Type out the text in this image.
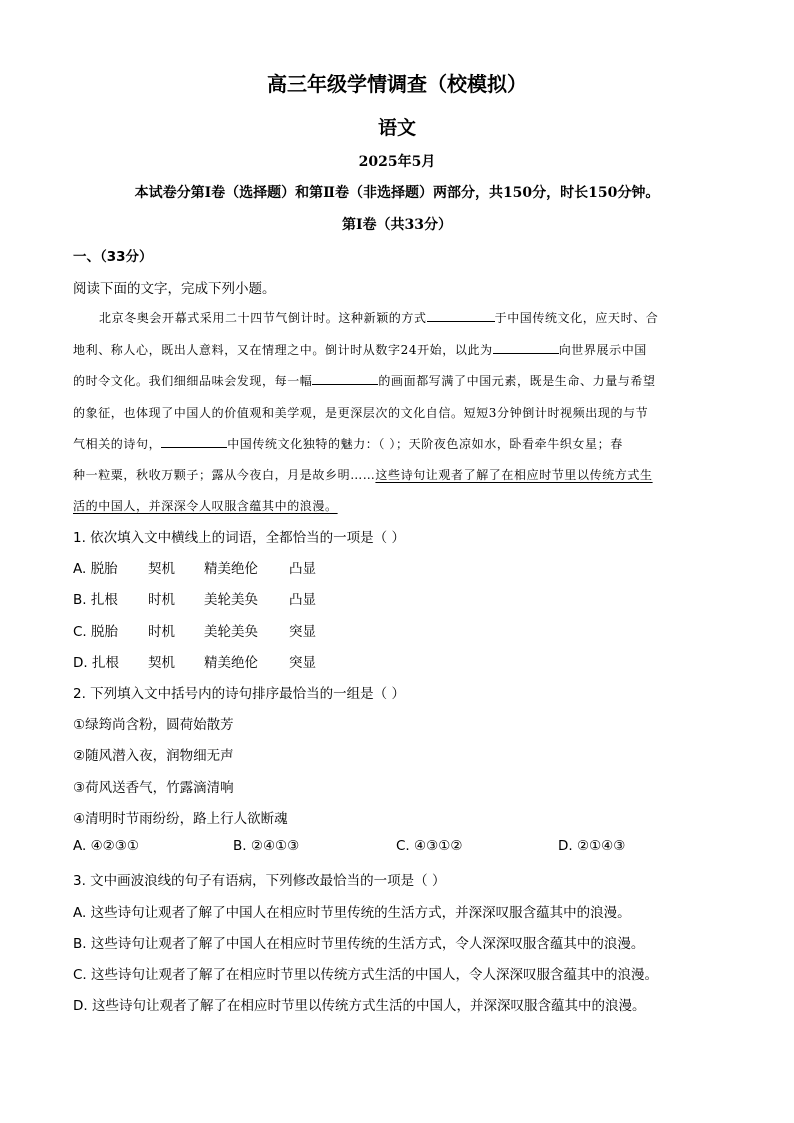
高三年级学情调查（校模拟）
语文
2025年5月
本试卷分第Ⅰ卷（选择题）和第Ⅱ卷（非选择题）两部分，共150分，时长150分钟。
第Ⅰ卷（共33分）
一、（33分）
阅读下面的文字，完成下列小题。
北京冬奥会开幕式采用二十四节气倒计时。这种新颖的方式	于中国传统文化，应天时、合
地利、称人心，既出人意料，又在情理之中。倒计时从数字24开始，以此为	向世界展示中国
的时令文化。我们细细品味会发现，每一幅	的画面都写满了中国元素，既是生命、力量与希望
的象征，也体现了中国人的价值观和美学观，是更深层次的文化自信。短短3分钟倒计时视频出现的与节
气相关的诗句，	中国传统文化独特的魅力：（ ）；天阶夜色凉如水，卧看牵牛织女星；春
种一粒粟，秋收万颗子；露从今夜白，月是故乡明……这些诗句让观者了解了在相应时节里以传统方式生
活的中国人，并深深令人叹服含蕴其中的浪漫。
1. 依次填入文中横线上的词语，全都恰当的一项是（ ）
A. 脱胎 契机 精美绝伦 凸显
B. 扎根 时机 美轮美奂 凸显
C. 脱胎 时机 美轮美奂 突显
D. 扎根 契机 精美绝伦 突显
2. 下列填入文中括号内的诗句排序最恰当的一组是（ ）
①绿筠尚含粉，圆荷始散芳
②随风潜入夜，润物细无声
③荷风送香气，竹露滴清响
④清明时节雨纷纷，路上行人欲断魂
A. ④②③①	B. ②④①③	C. ④③①②	D. ②①④③
3. 文中画波浪线的句子有语病，下列修改最恰当的一项是（ ）
A. 这些诗句让观者了解了中国人在相应时节里传统的生活方式，并深深叹服含蕴其中的浪漫。
B. 这些诗句让观者了解了中国人在相应时节里传统的生活方式，令人深深叹服含蕴其中的浪漫。
C. 这些诗句让观者了解了在相应时节里以传统方式生活的中国人，令人深深叹服含蕴其中的浪漫。
D. 这些诗句让观者了解了在相应时节里以传统方式生活的中国人，并深深叹服含蕴其中的浪漫。
